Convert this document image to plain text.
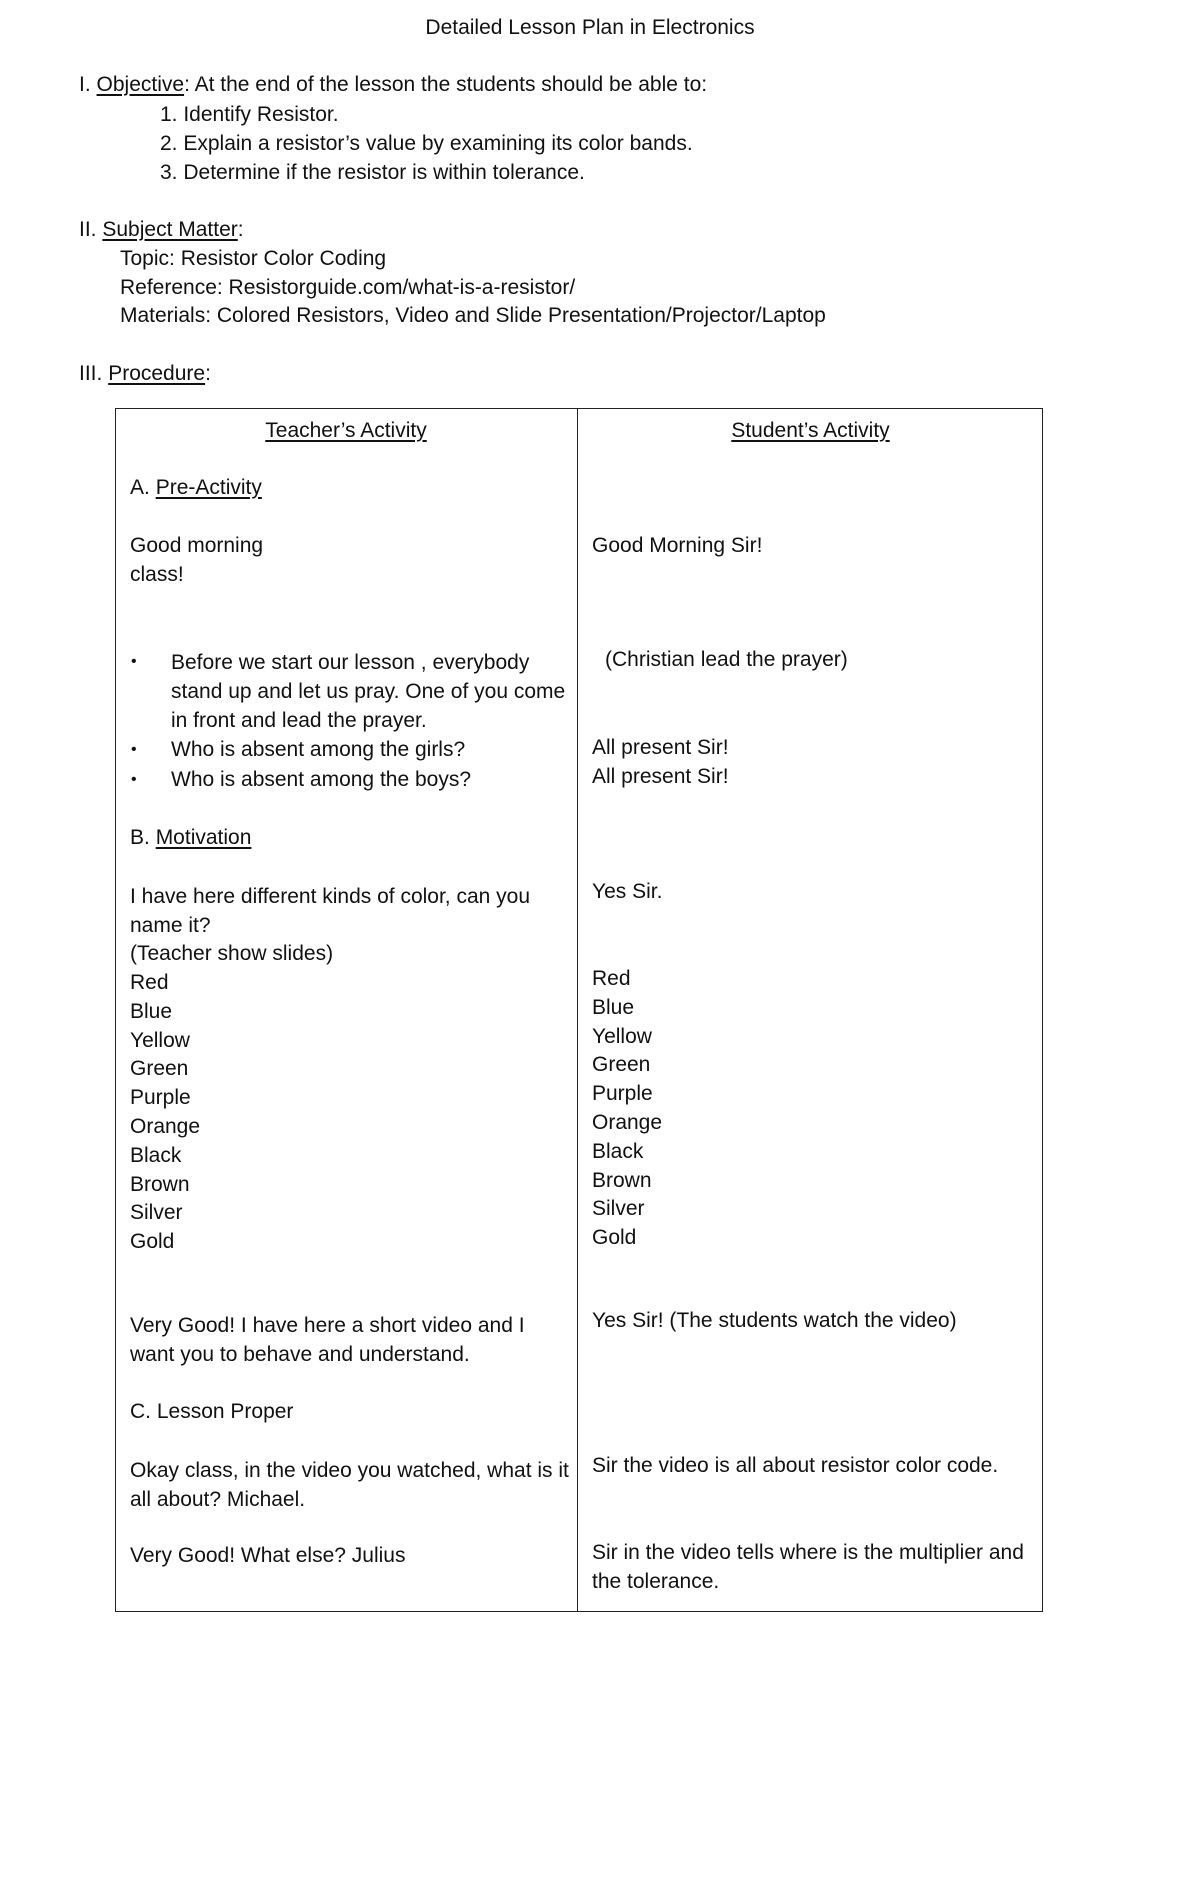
Detailed Lesson Plan in Electronics
I. Objective: At the end of the lesson the students should be able to:
1. Identify Resistor.
2. Explain a resistor’s value by examining its color bands.
3. Determine if the resistor is within tolerance.
II. Subject Matter:
Topic: Resistor Color Coding
Reference: Resistorguide.com/what-is-a-resistor/
Materials: Colored Resistors, Video and Slide Presentation/Projector/Laptop
III. Procedure:
Teacher’s Activity	Student’s Activity
A. Pre-Activity
Good morning
class!
Good Morning Sir!
• Before we start our lesson , everybody stand up and let us pray. One of you come in front and lead the prayer.
• Who is absent among the girls?
• Who is absent among the boys?
(Christian lead the prayer)
All present Sir!
All present Sir!
B. Motivation
I have here different kinds of color, can you name it?
(Teacher show slides)
Yes Sir.
Red
Blue
Yellow
Green
Purple
Orange
Black
Brown
Silver
Gold
Red
Blue
Yellow
Green
Purple
Orange
Black
Brown
Silver
Gold
Very Good! I have here a short video and I want you to behave and understand.
Yes Sir! (The students watch the video)
C. Lesson Proper
Okay class, in the video you watched, what is it all about? Michael.
Sir the video is all about resistor color code.
Very Good! What else? Julius	Sir in the video tells where is the multiplier and the tolerance.
